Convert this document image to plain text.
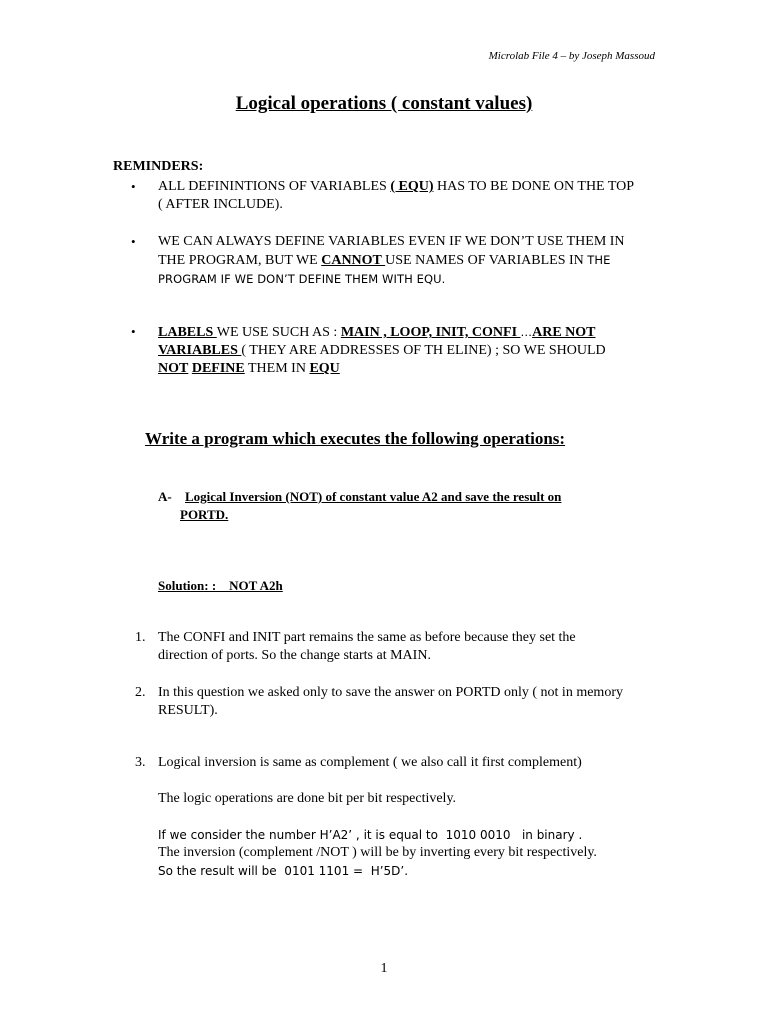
Microlab File 4 – by Joseph Massoud
Logical operations ( constant values)
REMINDERS:
• ALL DEFININTIONS OF VARIABLES ( EQU) HAS TO BE DONE ON THE TOP ( AFTER INCLUDE).
• WE CAN ALWAYS DEFINE VARIABLES EVEN IF WE DON’T USE THEM IN THE PROGRAM, BUT WE CANNOT USE NAMES OF VARIABLES IN THE PROGRAM IF WE DON’T DEFINE THEM WITH EQU.
• LABELS WE USE SUCH AS : MAIN , LOOP, INIT, CONFI …ARE NOT
VARIABLES ( THEY ARE ADDRESSES OF TH ELINE) ; SO WE SHOULD
NOT DEFINE THEM IN EQU
Write a program which executes the following operations:
A- Logical Inversion (NOT) of constant value A2 and save the result on
PORTD.
Solution: :    NOT A2h
1. The CONFI and INIT part remains the same as before because they set the direction of ports. So the change starts at MAIN.
2. In this question we asked only to save the answer on PORTD only ( not in memory RESULT).
3. Logical inversion is same as complement ( we also call it first complement)
The logic operations are done bit per bit respectively.
If we consider the number H’A2’ , it is equal to  1010 0010   in binary .
The inversion (complement /NOT ) will be by inverting every bit respectively.
So the result will be  0101 1101 =  H’5D’.
1
